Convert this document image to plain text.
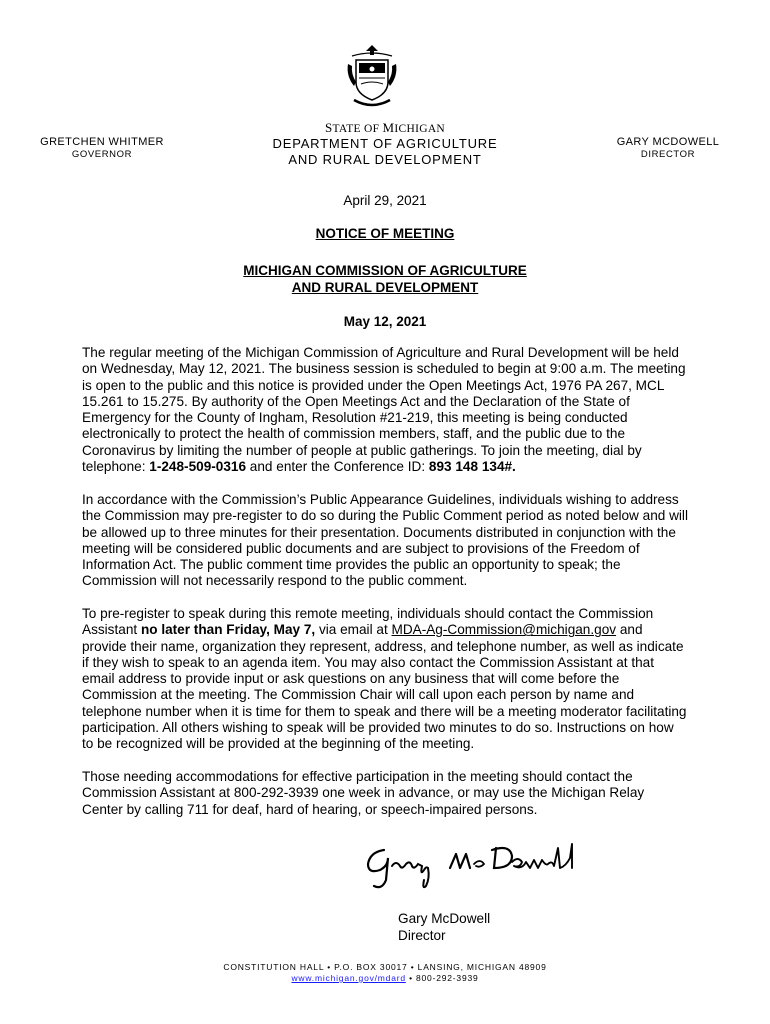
GRETCHEN WHITMER
GOVERNOR
STATE OF MICHIGAN
DEPARTMENT OF AGRICULTURE
AND RURAL DEVELOPMENT
GARY MCDOWELL
DIRECTOR
April 29, 2021
NOTICE OF MEETING
MICHIGAN COMMISSION OF AGRICULTURE
AND RURAL DEVELOPMENT
May 12, 2021
The regular meeting of the Michigan Commission of Agriculture and Rural Development will be held on Wednesday, May 12, 2021. The business session is scheduled to begin at 9:00 a.m. The meeting is open to the public and this notice is provided under the Open Meetings Act, 1976 PA 267, MCL 15.261 to 15.275. By authority of the Open Meetings Act and the Declaration of the State of Emergency for the County of Ingham, Resolution #21-219, this meeting is being conducted electronically to protect the health of commission members, staff, and the public due to the Coronavirus by limiting the number of people at public gatherings. To join the meeting, dial by telephone: 1-248-509-0316 and enter the Conference ID: 893 148 134#.
In accordance with the Commission’s Public Appearance Guidelines, individuals wishing to address the Commission may pre-register to do so during the Public Comment period as noted below and will be allowed up to three minutes for their presentation. Documents distributed in conjunction with the meeting will be considered public documents and are subject to provisions of the Freedom of Information Act. The public comment time provides the public an opportunity to speak; the Commission will not necessarily respond to the public comment.
To pre-register to speak during this remote meeting, individuals should contact the Commission Assistant no later than Friday, May 7, via email at MDA-Ag-Commission@michigan.gov and provide their name, organization they represent, address, and telephone number, as well as indicate if they wish to speak to an agenda item. You may also contact the Commission Assistant at that email address to provide input or ask questions on any business that will come before the Commission at the meeting. The Commission Chair will call upon each person by name and telephone number when it is time for them to speak and there will be a meeting moderator facilitating participation. All others wishing to speak will be provided two minutes to do so. Instructions on how to be recognized will be provided at the beginning of the meeting.
Those needing accommodations for effective participation in the meeting should contact the Commission Assistant at 800-292-3939 one week in advance, or may use the Michigan Relay Center by calling 711 for deaf, hard of hearing, or speech-impaired persons.
Gary McDowell
Director
CONSTITUTION HALL • P.O. BOX 30017 • LANSING, MICHIGAN 48909
www.michigan.gov/mdard • 800-292-3939
